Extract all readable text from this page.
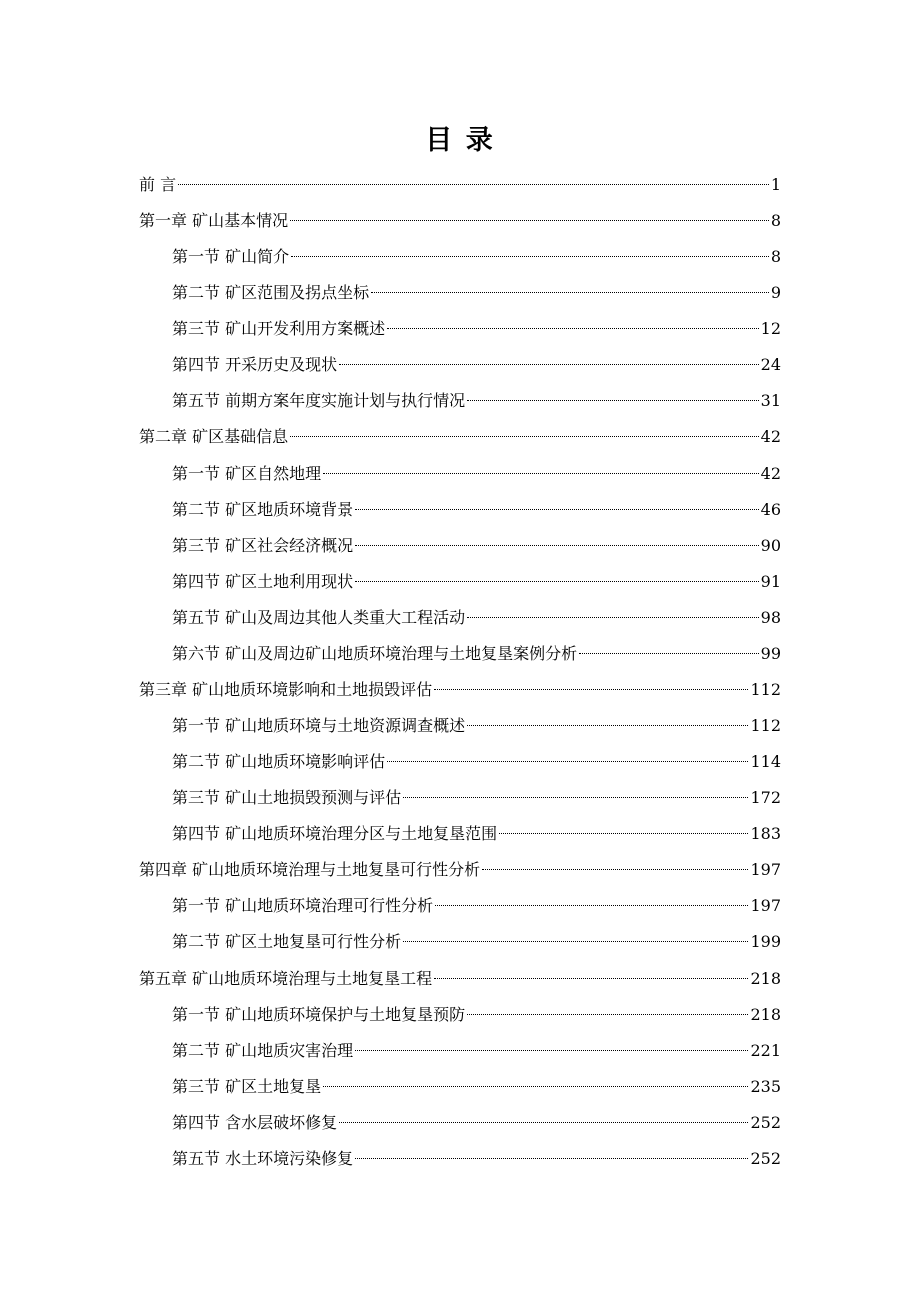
目 录
前 言	1
第一章 矿山基本情况	8
第一节 矿山简介	8
第二节 矿区范围及拐点坐标	9
第三节 矿山开发利用方案概述	12
第四节 开采历史及现状	24
第五节 前期方案年度实施计划与执行情况	31
第二章 矿区基础信息	42
第一节 矿区自然地理	42
第二节 矿区地质环境背景	46
第三节 矿区社会经济概况	90
第四节 矿区土地利用现状	91
第五节 矿山及周边其他人类重大工程活动	98
第六节 矿山及周边矿山地质环境治理与土地复垦案例分析	99
第三章 矿山地质环境影响和土地损毁评估	112
第一节 矿山地质环境与土地资源调查概述	112
第二节 矿山地质环境影响评估	114
第三节 矿山土地损毁预测与评估	172
第四节 矿山地质环境治理分区与土地复垦范围	183
第四章 矿山地质环境治理与土地复垦可行性分析	197
第一节 矿山地质环境治理可行性分析	197
第二节 矿区土地复垦可行性分析	199
第五章 矿山地质环境治理与土地复垦工程	218
第一节 矿山地质环境保护与土地复垦预防	218
第二节 矿山地质灾害治理	221
第三节 矿区土地复垦	235
第四节 含水层破坏修复	252
第五节 水土环境污染修复	252
